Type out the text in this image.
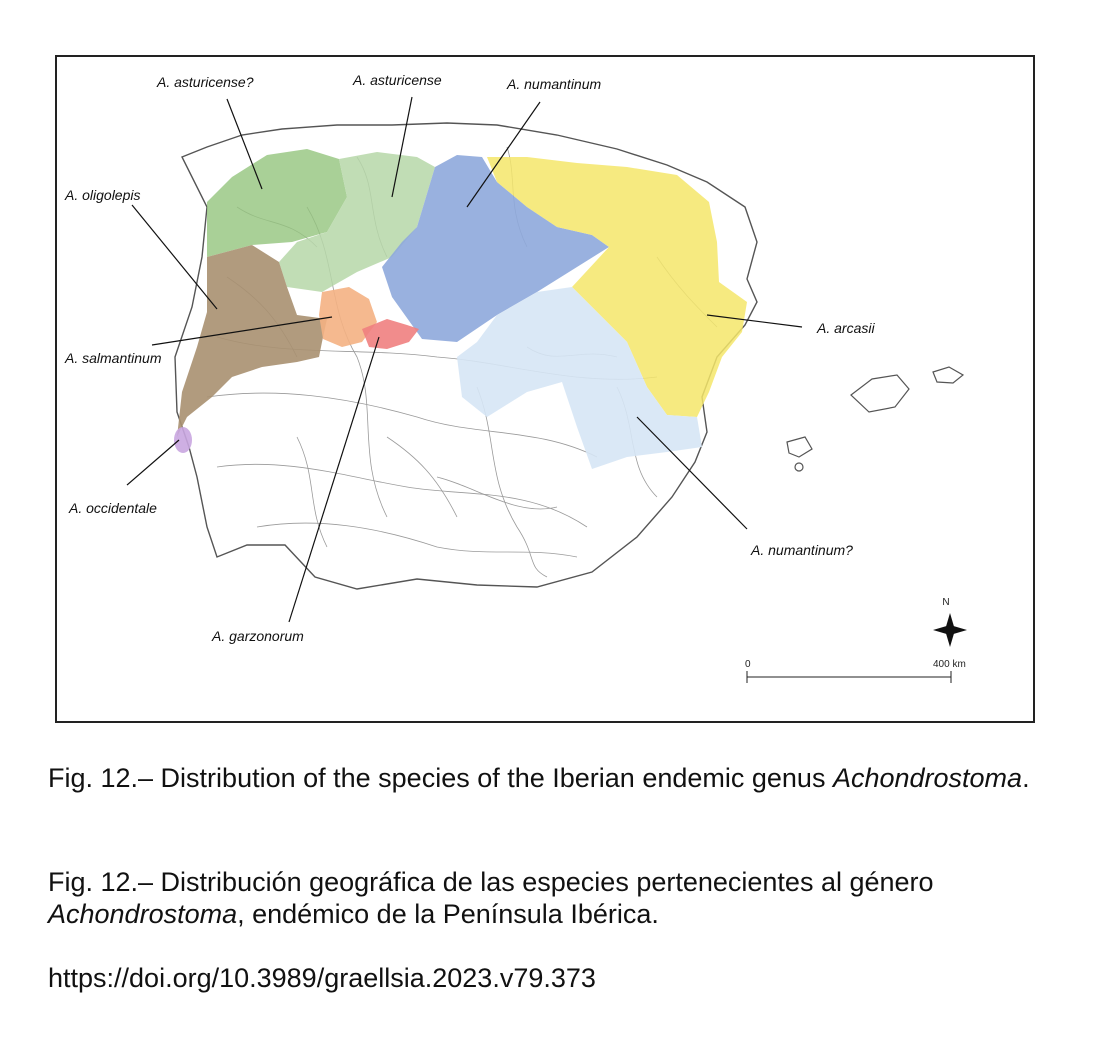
A. asturicense?	A. asturicense	A. numantinum
A. oligolepis
A. arcasii
A. salmantinum
A. occidentale
A. numantinum?
A. garzonorum
N
0	400 km
Fig. 12.– Distribution of the species of the Iberian endemic genus Achondrostoma.
Fig. 12.– Distribución geográfica de las especies pertenecientes al género Achondrostoma, endémico de la Península Ibérica.
https://doi.org/10.3989/graellsia.2023.v79.373
